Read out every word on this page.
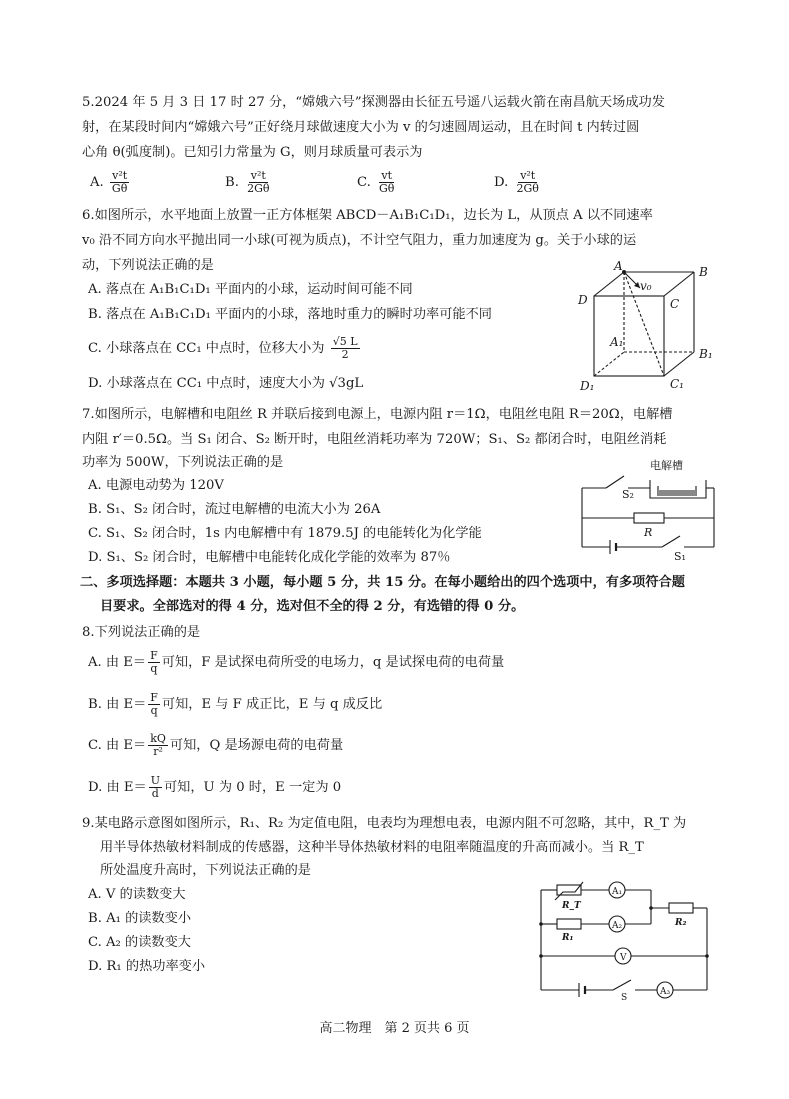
5.2024 年 5 月 3 日 17 时 27 分，“嫦娥六号”探测器由长征五号遥八运载火箭在南昌航天场成功发
射，在某段时间内“嫦娥六号”正好绕月球做速度大小为 v 的匀速圆周运动，且在时间 t 内转过圆
心角 θ(弧度制)。已知引力常量为 G，则月球质量可表示为
A. $\frac{\text{v²t}}{G\theta}$	B. $\frac{\text{v²t}}{2G\theta}$	C. $\frac{vt}{G\theta}$	D. $\frac{\text{v²t}}{2G\theta}$
6.如图所示，水平地面上放置一正方体框架 ABCD－A₁B₁C₁D₁，边长为 L，从顶点 A 以不同速率
v₀ 沿不同方向水平抛出同一小球(可视为质点)，不计空气阻力，重力加速度为 g。关于小球的运
动，下列说法正确的是
A. 落点在 A₁B₁C₁D₁ 平面内的小球，运动时间可能不同
B. 落点在 A₁B₁C₁D₁ 平面内的小球，落地时重力的瞬时功率可能不同
C. 小球落点在 CC₁ 中点时，位移大小为 $\frac{√5 L}{2}$
D. 小球落点在 CC₁ 中点时，速度大小为 √3gL
A	B
C
D
A₁
B₁
C₁
D₁
v₀
7.如图所示，电解槽和电阻丝 R 并联后接到电源上，电源内阻 r＝1Ω，电阻丝电阻 R＝20Ω，电解槽
内阻 r′＝0.5Ω。当 S₁ 闭合、S₂ 断开时，电阻丝消耗功率为 720W；S₁、S₂ 都闭合时，电阻丝消耗
功率为 500W，下列说法正确的是
A. 电源电动势为 120V
B. S₁、S₂ 闭合时，流过电解槽的电流大小为 26A
C. S₁、S₂ 闭合时，1s 内电解槽中有 1879.5J 的电能转化为化学能
D. S₁、S₂ 闭合时，电解槽中电能转化成化学能的效率为 87％
电解槽
S₂
R
S₁
二、多项选择题：本题共 3 小题，每小题 5 分，共 15 分。在每小题给出的四个选项中，有多项符合题
目要求。全部选对的得 4 分，选对但不全的得 2 分，有选错的得 0 分。
8.下列说法正确的是
A. 由 $E= \frac{F}{q}$ 可知，F 是试探电荷所受的电场力，q 是试探电荷的电荷量
B. 由 $E= \frac{F}{q}$ 可知，E 与 F 成正比，E 与 q 成反比
C. 由 $E= \frac{kQ}{\text{r²}}$ 可知，Q 是场源电荷的电荷量
D. 由 $E= \frac{U}{d}$ 可知，U 为 0 时，E 一定为 0
9.某电路示意图如图所示，R₁、R₂ 为定值电阻，电表均为理想电表，电源内阻不可忽略，其中，R_T 为
用半导体热敏材料制成的传感器，这种半导体热敏材料的电阻率随温度的升高而减小。当 R_T
所处温度升高时，下列说法正确的是
A. V 的读数变大
B. A₁ 的读数变小
C. A₂ 的读数变大
D. R₁ 的热功率变小
R_T
A₁
A₂
R₁
R₂
V
S
A₃
高二物理　第 2 页共 6 页
